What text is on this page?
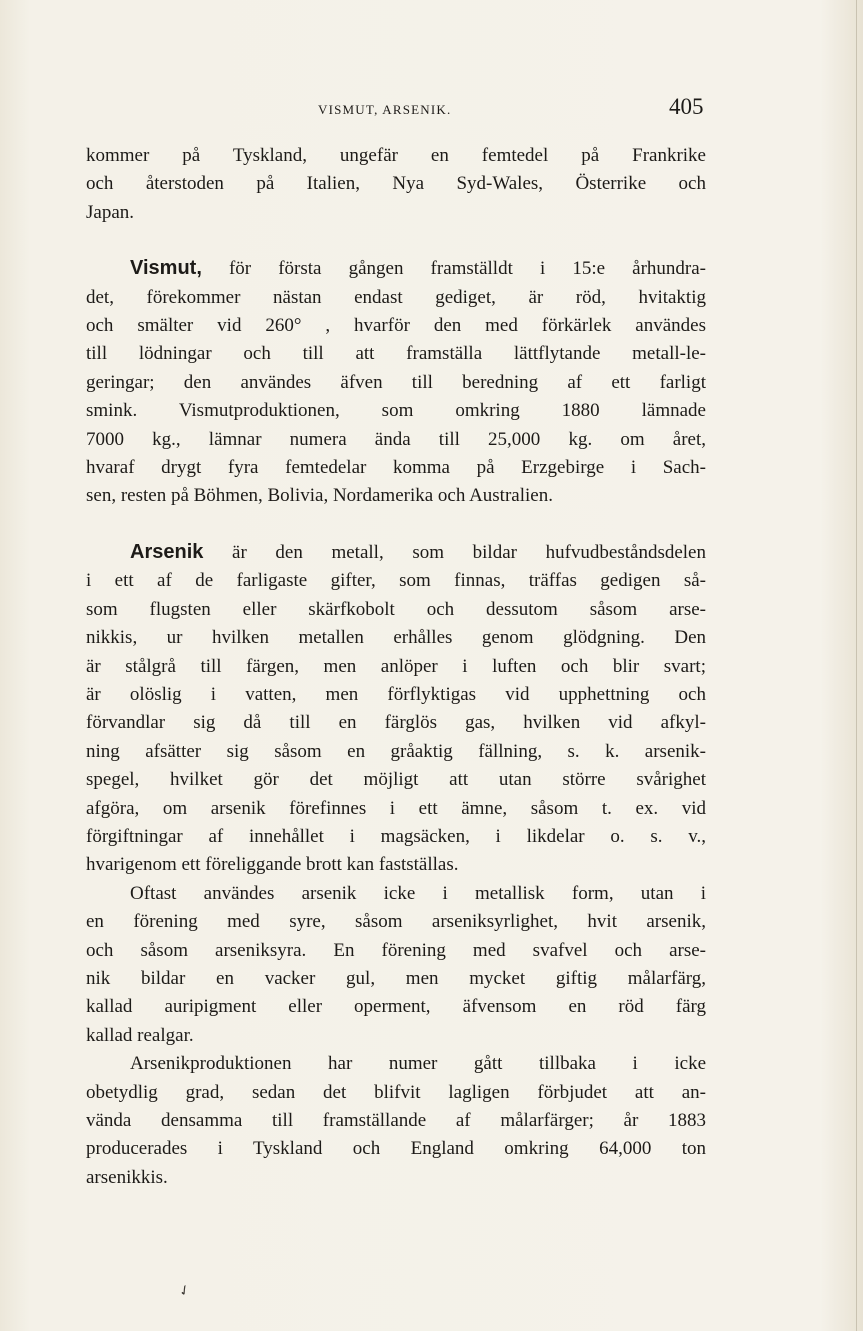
VISMUT, ARSENIK.	405
kommer på Tyskland, ungefär en femtedel på Frankrike
och återstoden på Italien, Nya Syd-Wales, Österrike och
Japan.
Vismut, för första gången framställdt i 15:e århundra-
det, förekommer nästan endast gediget, är röd, hvitaktig
och smälter vid 260° , hvarför den med förkärlek användes
till lödningar och till att framställa lättflytande metall-le-
geringar; den användes äfven till beredning af ett farligt
smink. Vismutproduktionen, som omkring 1880 lämnade
7000 kg., lämnar numera ända till 25,000 kg. om året,
hvaraf drygt fyra femtedelar komma på Erzgebirge i Sach-
sen, resten på Böhmen, Bolivia, Nordamerika och Australien.
Arsenik är den metall, som bildar hufvudbeståndsdelen
i ett af de farligaste gifter, som finnas, träffas gedigen så-
som flugsten eller skärfkobolt och dessutom såsom arse-
nikkis, ur hvilken metallen erhålles genom glödgning. Den
är stålgrå till färgen, men anlöper i luften och blir svart;
är olöslig i vatten, men förflyktigas vid upphettning och
förvandlar sig då till en färglös gas, hvilken vid afkyl-
ning afsätter sig såsom en gråaktig fällning, s. k. arsenik-
spegel, hvilket gör det möjligt att utan större svårighet
afgöra, om arsenik förefinnes i ett ämne, såsom t. ex. vid
förgiftningar af innehållet i magsäcken, i likdelar o. s. v.,
hvarigenom ett föreliggande brott kan fastställas.
Oftast användes arsenik icke i metallisk form, utan i
en förening med syre, såsom arseniksyrlighet, hvit arsenik,
och såsom arseniksyra. En förening med svafvel och arse-
nik bildar en vacker gul, men mycket giftig målarfärg,
kallad auripigment eller operment, äfvensom en röd färg
kallad realgar.
Arsenikproduktionen har numer gått tillbaka i icke
obetydlig grad, sedan det blifvit lagligen förbjudet att an-
vända densamma till framställande af målarfärger; år 1883
producerades i Tyskland och England omkring 64,000 ton
arsenikkis.
✓
